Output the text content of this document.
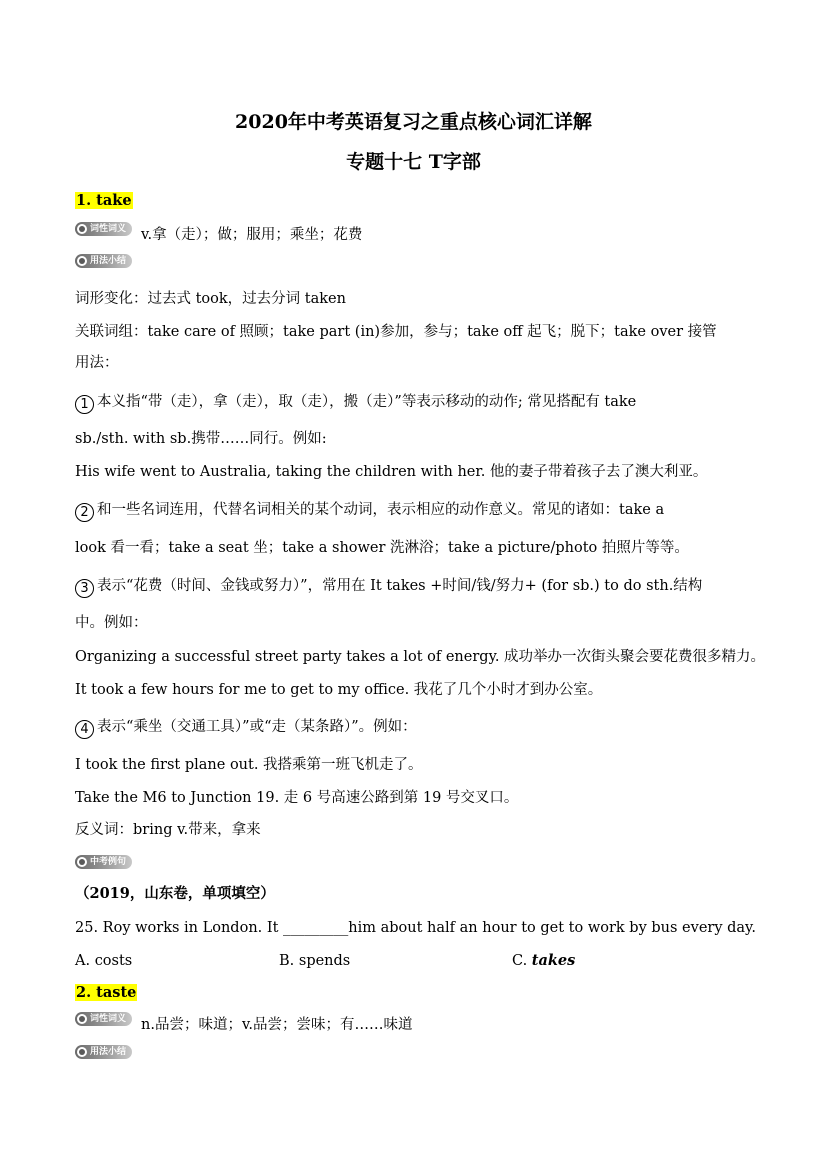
2020年中考英语复习之重点核心词汇详解
专题十七 T字部
1. take
词性词义 v.拿（走）；做；服用；乘坐；花费
用法小结
词形变化：过去式 took，过去分词 taken
关联词组：take care of 照顾；take part (in)参加，参与；take off 起飞；脱下；take over 接管
用法：
1 本义指“带（走），拿（走），取（走），搬（走）”等表示移动的动作; 常见搭配有 take
sb./sth. with sb.携带……同行。例如:
His wife went to Australia, taking the children with her. 他的妻子带着孩子去了澳大利亚。
2 和一些名词连用，代替名词相关的某个动词，表示相应的动作意义。常见的诸如：take a
look 看一看；take a seat 坐；take a shower 洗淋浴；take a picture/photo 拍照片等等。
3 表示“花费（时间、金钱或努力）”，常用在 It takes +时间/钱/努力+ (for sb.) to do sth.结构
中。例如：
Organizing a successful street party takes a lot of energy. 成功举办一次街头聚会要花费很多精力。
It took a few hours for me to get to my office. 我花了几个小时才到办公室。
4 表示“乘坐（交通工具）”或“走（某条路）”。例如：
I took the first plane out. 我搭乘第一班飞机走了。
Take the M6 to Junction 19. 走 6 号高速公路到第 19 号交叉口。
反义词：bring v.带来，拿来
中考例句
（2019，山东卷，单项填空）
25. Roy works in London. It _________him about half an hour to get to work by bus every day.
A. costs	B. spends	C. takes
2. taste
词性词义 n.品尝；味道；v.品尝；尝味；有……味道
用法小结
